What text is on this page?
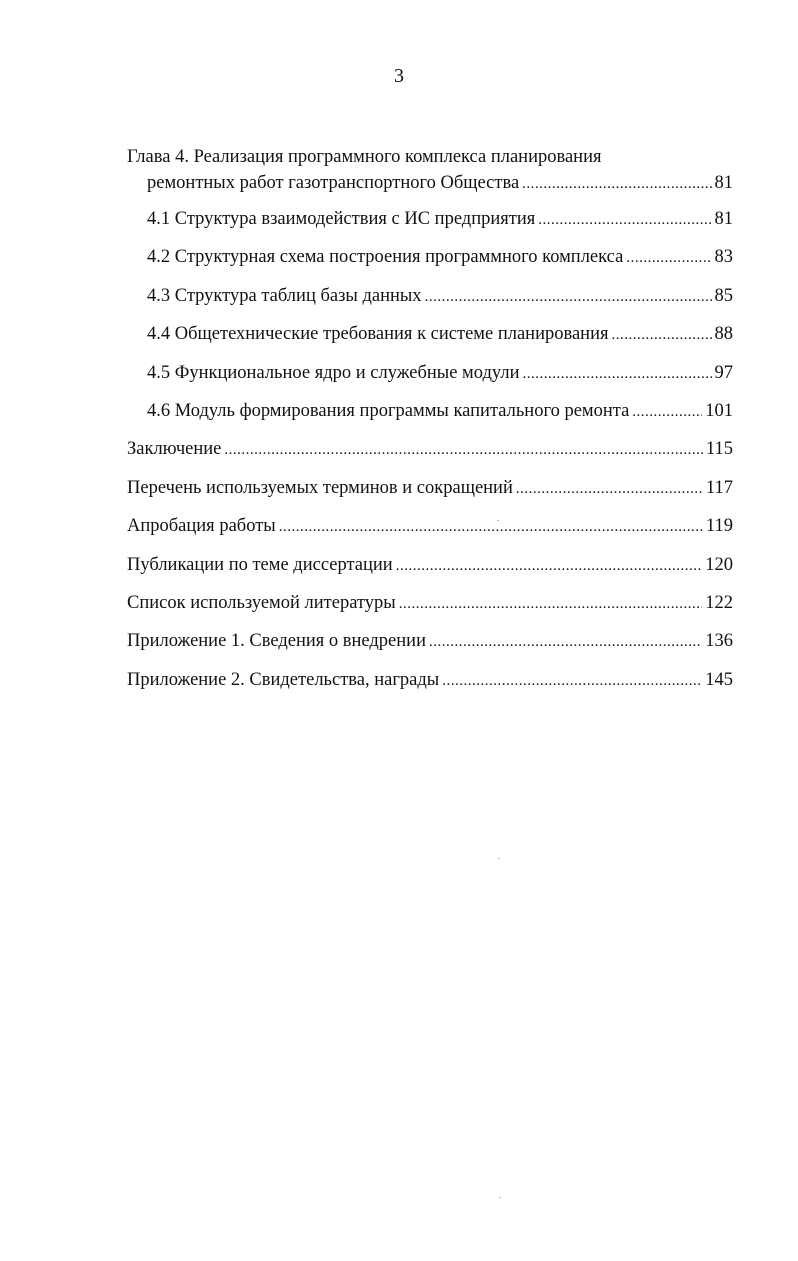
3
Глава 4. Реализация программного комплекса планирования
ремонтных работ газотранспортного Общества .....	81
4.1 Структура взаимодействия с ИС предприятия .....	81
4.2 Структурная схема построения программного комплекса .....	83
4.3 Структура таблиц базы данных .....	85
4.4 Общетехнические требования к системе планирования .....	88
4.5 Функциональное ядро и служебные модули .....	97
4.6 Модуль формирования программы капитального ремонта .....	101
Заключение .....	115
Перечень используемых терминов и сокращений .....	117
Апробация работы .....	119
Публикации по теме диссертации .....	120
Список используемой литературы .....	122
Приложение 1. Сведения о внедрении .....	136
Приложение 2. Свидетельства, награды .....	145
